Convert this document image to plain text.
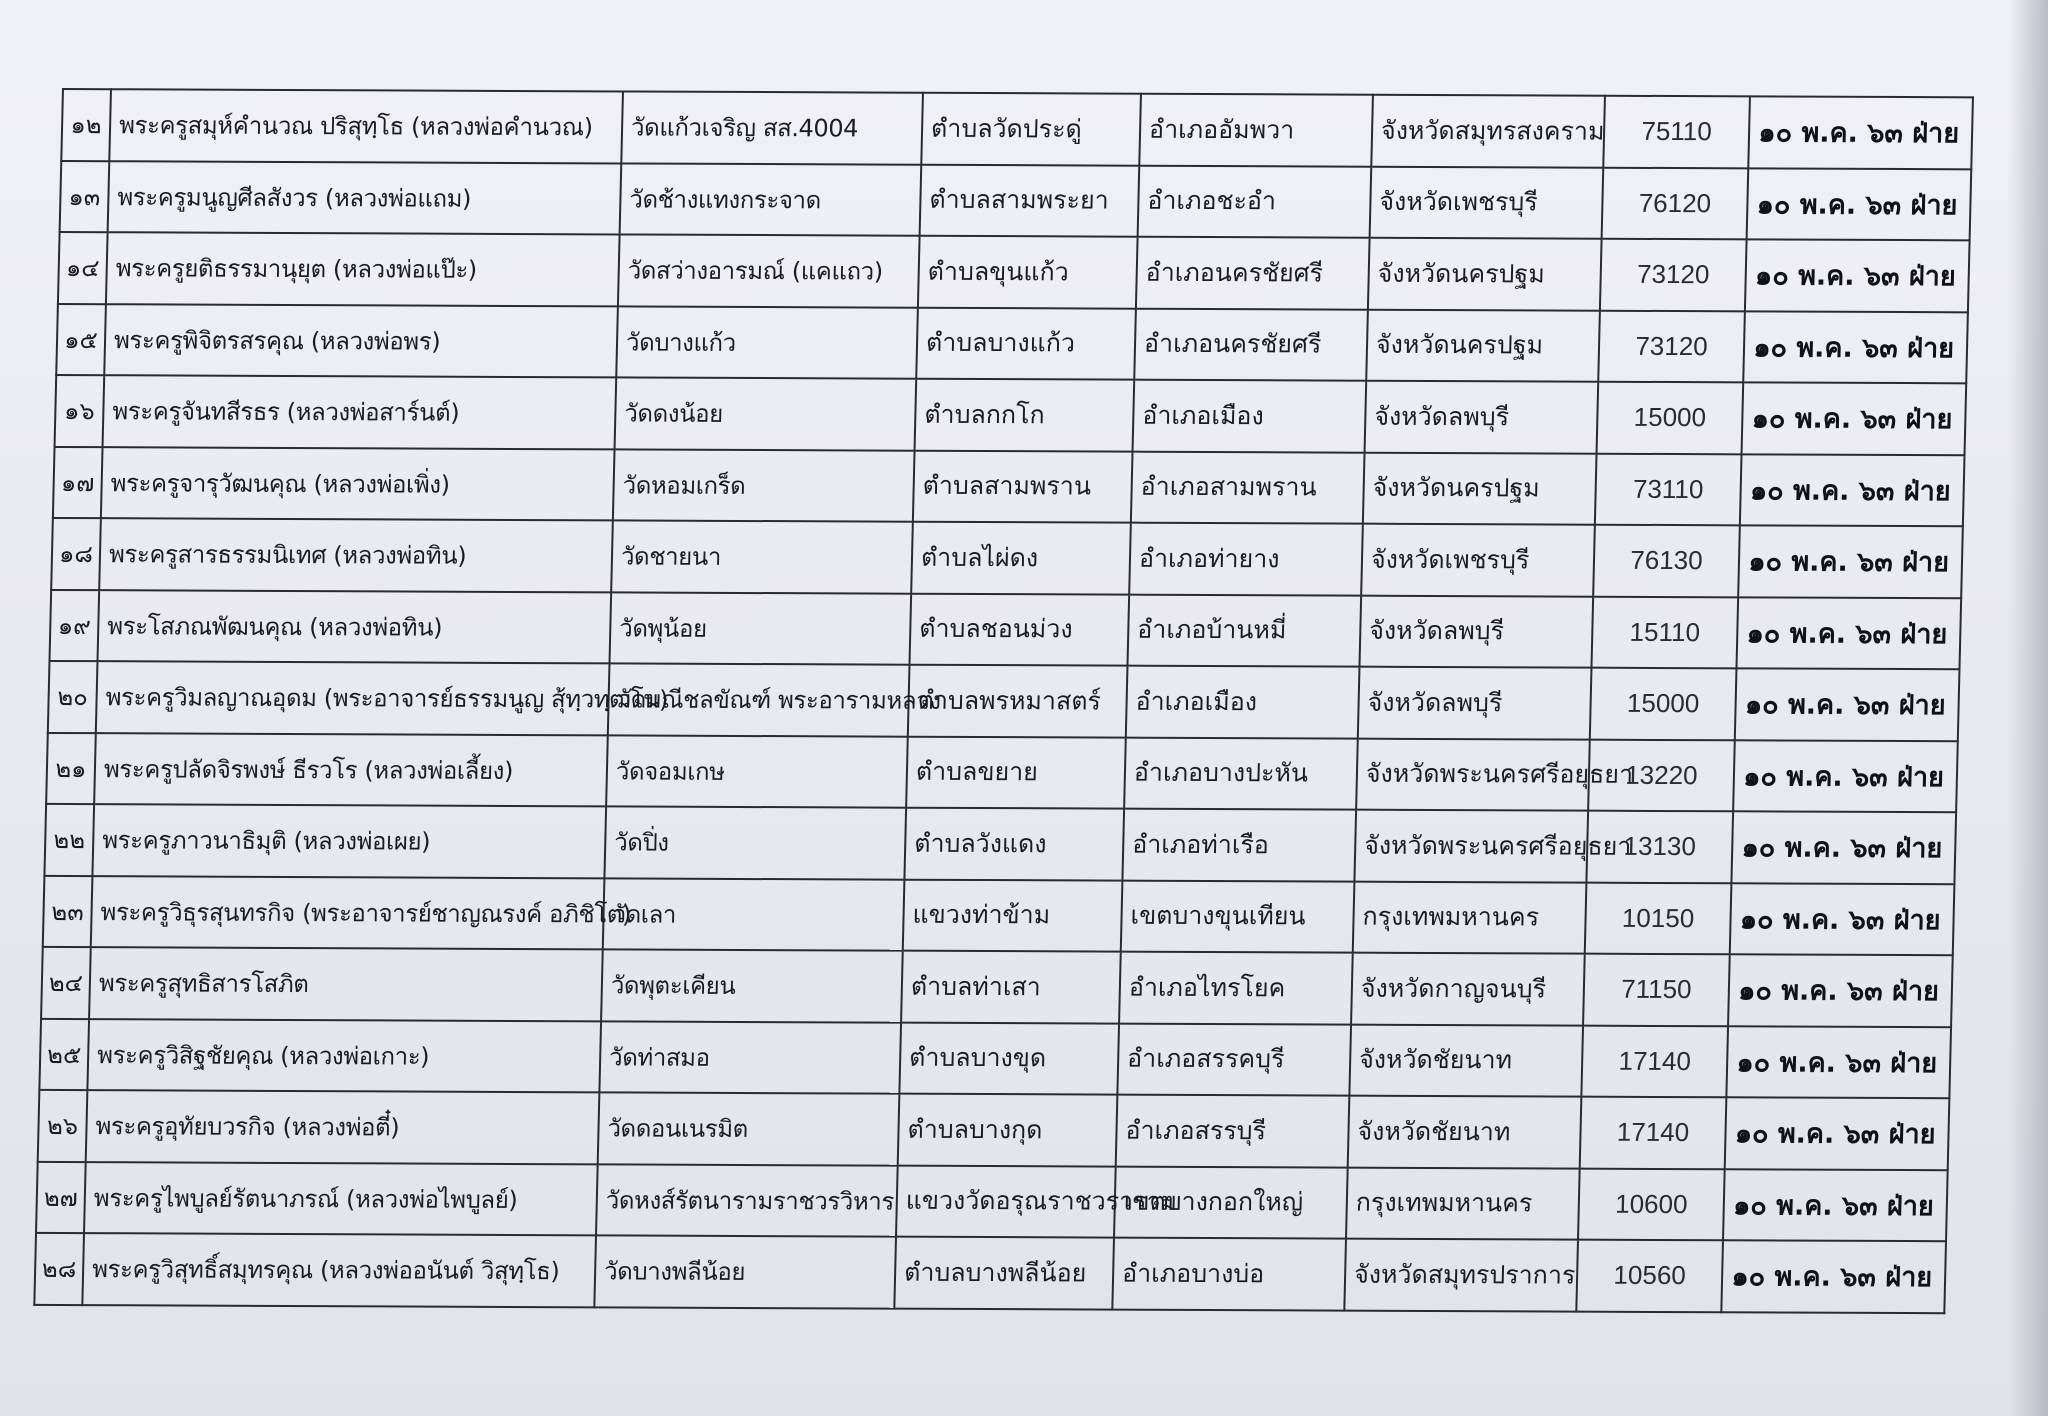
๑๒	พระครูสมุห์คำนวณ ปริสุทฺโธ (หลวงพ่อคำนวณ)	วัดแก้วเจริญ สส.4004	ตำบลวัดประดู่	อำเภออัมพวา	จังหวัดสมุทรสงคราม	75110	๑๐ พ.ค. ๖๓ ฝ่าย
๑๓	พระครูมนูญศีลสังวร (หลวงพ่อแถม)	วัดช้างแทงกระจาด	ตำบลสามพระยา	อำเภอชะอำ	จังหวัดเพชรบุรี	76120	๑๐ พ.ค. ๖๓ ฝ่าย
๑๔	พระครูยติธรรมานุยุต (หลวงพ่อแป๊ะ)	วัดสว่างอารมณ์ (แคแถว)	ตำบลขุนแก้ว	อำเภอนครชัยศรี	จังหวัดนครปฐม	73120	๑๐ พ.ค. ๖๓ ฝ่าย
๑๕	พระครูพิจิตรสรคุณ (หลวงพ่อพร)	วัดบางแก้ว	ตำบลบางแก้ว	อำเภอนครชัยศรี	จังหวัดนครปฐม	73120	๑๐ พ.ค. ๖๓ ฝ่าย
๑๖	พระครูจันทสีรธร (หลวงพ่อสาร์นต์)	วัดดงน้อย	ตำบลกกโก	อำเภอเมือง	จังหวัดลพบุรี	15000	๑๐ พ.ค. ๖๓ ฝ่าย
๑๗	พระครูจารุวัฒนคุณ (หลวงพ่อเพิ่ง)	วัดหอมเกร็ด	ตำบลสามพราน	อำเภอสามพราน	จังหวัดนครปฐม	73110	๑๐ พ.ค. ๖๓ ฝ่าย
๑๘	พระครูสารธรรมนิเทศ (หลวงพ่อทิน)	วัดชายนา	ตำบลไผ่ดง	อำเภอท่ายาง	จังหวัดเพชรบุรี	76130	๑๐ พ.ค. ๖๓ ฝ่าย
๑๙	พระโสภณพัฒนคุณ (หลวงพ่อทิน)	วัดพุน้อย	ตำบลชอนม่วง	อำเภอบ้านหมี่	จังหวัดลพบุรี	15110	๑๐ พ.ค. ๖๓ ฝ่าย
๒๐	พระครูวิมลญาณอุดม (พระอาจารย์ธรรมนูญ สุ้ทฺวทฺฒโน)	วัดมณีชลขัณฑ์ พระอารามหลวง	ตำบลพรหมาสตร์	อำเภอเมือง	จังหวัดลพบุรี	15000	๑๐ พ.ค. ๖๓ ฝ่าย
๒๑	พระครูปลัดจิรพงษ์ ธีรวโร (หลวงพ่อเลี้ยง)	วัดจอมเกษ	ตำบลขยาย	อำเภอบางปะหัน	จังหวัดพระนครศรีอยุธยา	13220	๑๐ พ.ค. ๖๓ ฝ่าย
๒๒	พระครูภาวนาธิมุติ (หลวงพ่อเผย)	วัดปิ่ง	ตำบลวังแดง	อำเภอท่าเรือ	จังหวัดพระนครศรีอยุธยา	13130	๑๐ พ.ค. ๖๓ ฝ่าย
๒๓	พระครูวิธุรสุนทรกิจ (พระอาจารย์ชาญณรงค์ อภิชิโต)	วัดเลา	แขวงท่าข้าม	เขตบางขุนเทียน	กรุงเทพมหานคร	10150	๑๐ พ.ค. ๖๓ ฝ่าย
๒๔	พระครูสุทธิสารโสภิต	วัดพุตะเคียน	ตำบลท่าเสา	อำเภอไทรโยค	จังหวัดกาญจนบุรี	71150	๑๐ พ.ค. ๖๓ ฝ่าย
๒๕	พระครูวิสิฐชัยคุณ (หลวงพ่อเกาะ)	วัดท่าสมอ	ตำบลบางขุด	อำเภอสรรคบุรี	จังหวัดชัยนาท	17140	๑๐ พ.ค. ๖๓ ฝ่าย
๒๖	พระครูอุทัยบวรกิจ (หลวงพ่อตี๋)	วัดดอนเนรมิต	ตำบลบางกุด	อำเภอสรรบุรี	จังหวัดชัยนาท	17140	๑๐ พ.ค. ๖๓ ฝ่าย
๒๗	พระครูไพบูลย์รัตนาภรณ์ (หลวงพ่อไพบูลย์)	วัดหงส์รัตนารามราชวรวิหาร	แขวงวัดอรุณราชวราราม	เขตบางกอกใหญ่	กรุงเทพมหานคร	10600	๑๐ พ.ค. ๖๓ ฝ่าย
๒๘	พระครูวิสุทธิ์สมุทรคุณ (หลวงพ่ออนันต์ วิสุทฺโธ)	วัดบางพลีน้อย	ตำบลบางพลีน้อย	อำเภอบางบ่อ	จังหวัดสมุทรปราการ	10560	๑๐ พ.ค. ๖๓ ฝ่าย
